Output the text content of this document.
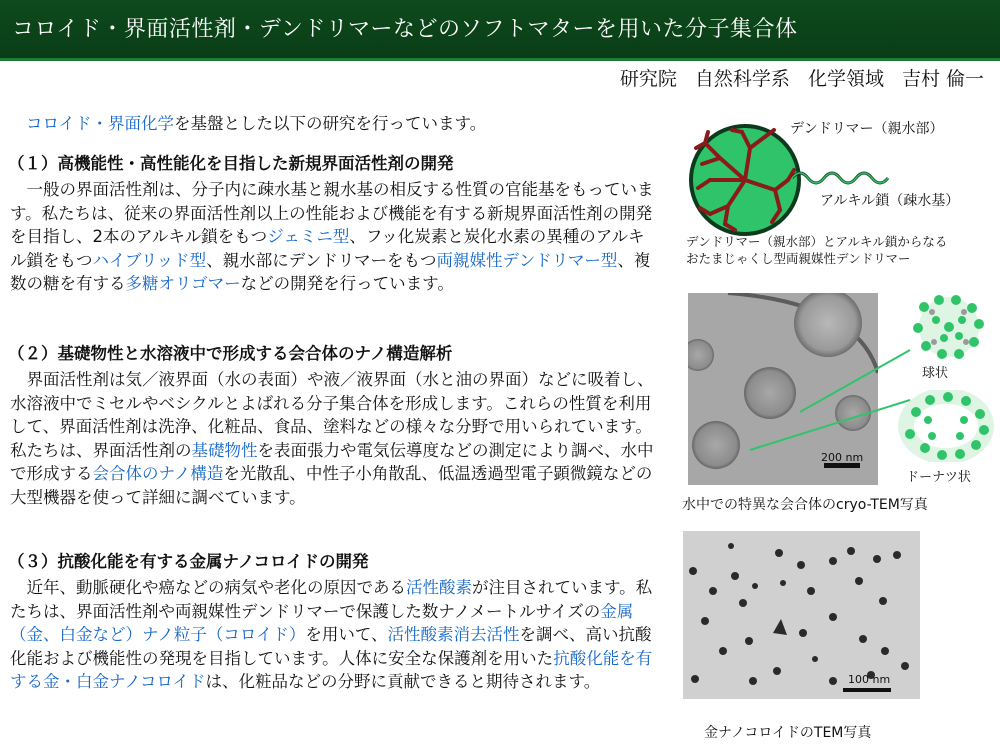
コロイド・界面活性剤・デンドリマーなどのソフトマターを用いた分子集合体
研究院 自然科学系 化学領域 吉村 倫一
コロイド・界面化学を基盤とした以下の研究を行っています。
（１）高機能性・高性能化を目指した新規界面活性剤の開発

一般の界面活性剤は、分子内に疎水基と親水基の相反する性質の官能基をもっています。私たちは、従来の界面活性剤以上の性能および機能を有する新規界面活性剤の開発を目指し、2本のアルキル鎖をもつジェミニ型、フッ化炭素と炭化水素の異種のアルキル鎖をもつハイブリッド型、親水部にデンドリマーをもつ両親媒性デンドリマー型、複数の糖を有する多糖オリゴマーなどの開発を行っています。

（２）基礎物性と水溶液中で形成する会合体のナノ構造解析

界面活性剤は気／液界面（水の表面）や液／液界面（水と油の界面）などに吸着し、水溶液中でミセルやベシクルとよばれる分子集合体を形成します。これらの性質を利用して、界面活性剤は洗浄、化粧品、食品、塗料などの様々な分野で用いられています。私たちは、界面活性剤の基礎物性を表面張力や電気伝導度などの測定により調べ、水中で形成する会合体のナノ構造を光散乱、中性子小角散乱、低温透過型電子顕微鏡などの大型機器を使って詳細に調べています。

（３）抗酸化能を有する金属ナノコロイドの開発

近年、動脈硬化や癌などの病気や老化の原因である活性酸素が注目されています。私たちは、界面活性剤や両親媒性デンドリマーで保護した数ナノメートルサイズの金属（金、白金など）ナノ粒子（コロイド）を用いて、活性酸素消去活性を調べ、高い抗酸化能および機能性の発現を目指しています。人体に安全な保護剤を用いた抗酸化能を有する金・白金ナノコロイドは、化粧品などの分野に貢献できると期待されます。

デンドリマー（親水部）
アルキル鎖（疎水基）
デンドリマー（親水部）とアルキル鎖からなる
おたまじゃくし型両親媒性デンドリマー
200 nm
球状
ドーナツ状
水中での特異な会合体のcryo-TEM写真
100 nm
金ナノコロイドのTEM写真
